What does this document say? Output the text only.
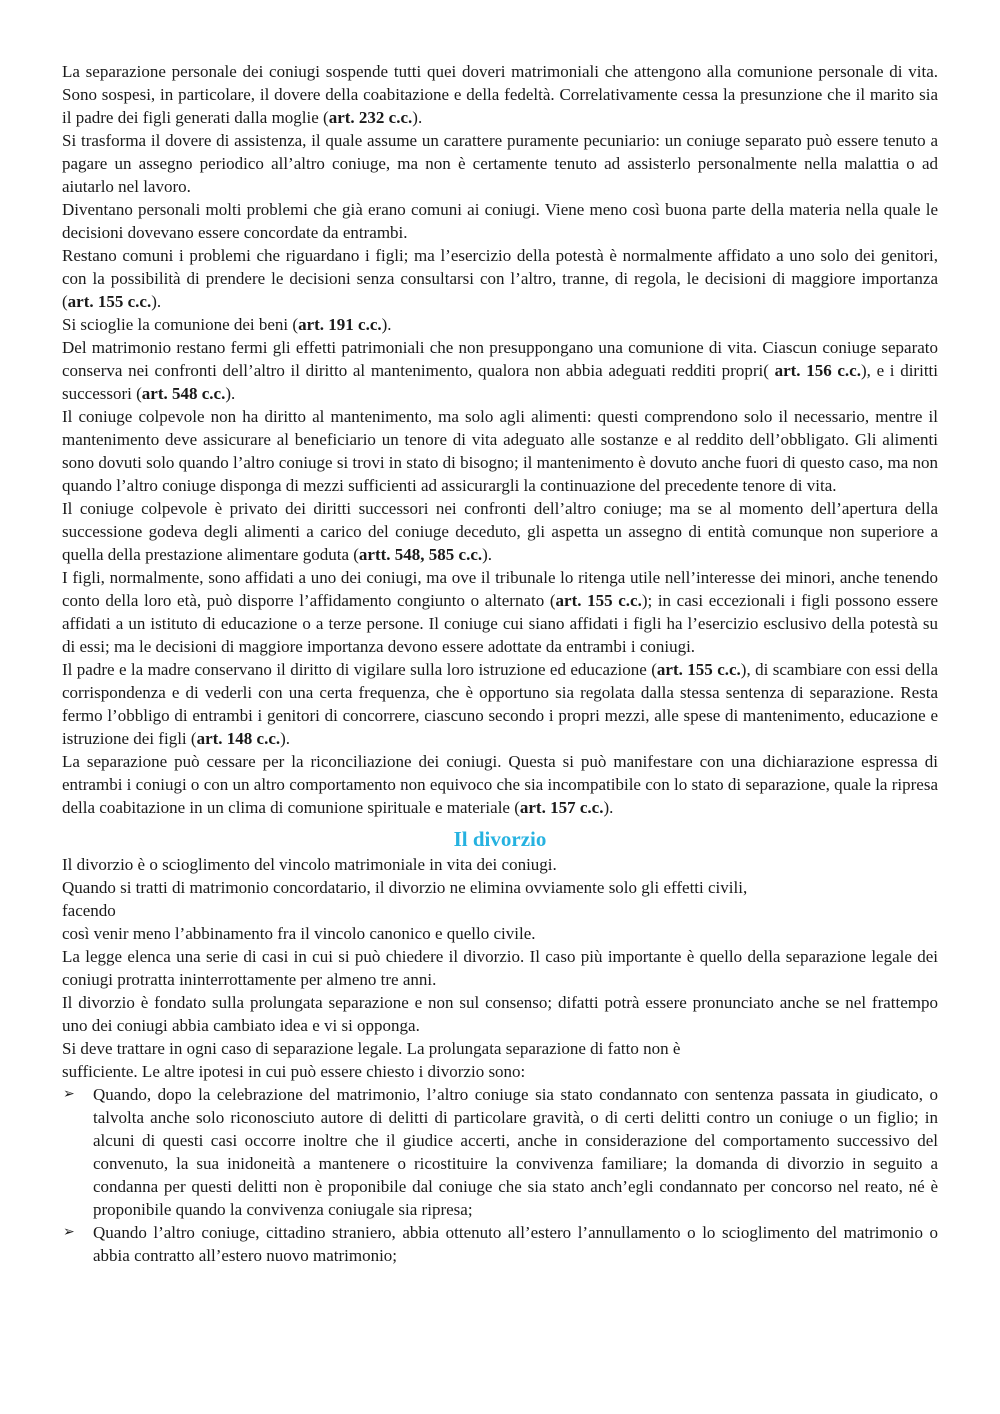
La separazione personale dei coniugi sospende tutti quei doveri matrimoniali che attengono alla comunione personale di vita. Sono sospesi, in particolare, il dovere della coabitazione e della fedeltà. Correlativamente cessa la presunzione che il marito sia il padre dei figli generati dalla moglie (art. 232 c.c.).

Si trasforma il dovere di assistenza, il quale assume un carattere puramente pecuniario: un coniuge separato può essere tenuto a pagare un assegno periodico all’altro coniuge, ma non è certamente tenuto ad assisterlo personalmente nella malattia o ad aiutarlo nel lavoro.

Diventano personali molti problemi che già erano comuni ai coniugi. Viene meno così buona parte della materia nella quale le decisioni dovevano essere concordate da entrambi.

Restano comuni i problemi che riguardano i figli; ma l’esercizio della potestà è normalmente affidato a uno solo dei genitori, con la possibilità di prendere le decisioni senza consultarsi con l’altro, tranne, di regola, le decisioni di maggiore importanza (art. 155 c.c.).

Si scioglie la comunione dei beni (art. 191 c.c.).

Del matrimonio restano fermi gli effetti patrimoniali che non presuppongano una comunione di vita. Ciascun coniuge separato conserva nei confronti dell’altro il diritto al mantenimento, qualora non abbia adeguati redditi propri( art. 156 c.c.), e i diritti successori (art. 548 c.c.).

Il coniuge colpevole non ha diritto al mantenimento, ma solo agli alimenti: questi comprendono solo il necessario, mentre il mantenimento deve assicurare al beneficiario un tenore di vita adeguato alle sostanze e al reddito dell’obbligato. Gli alimenti sono dovuti solo quando l’altro coniuge si trovi in stato di bisogno; il mantenimento è dovuto anche fuori di questo caso, ma non quando l’altro coniuge disponga di mezzi sufficienti ad assicurargli la continuazione del precedente tenore di vita.

Il coniuge colpevole è privato dei diritti successori nei confronti dell’altro coniuge; ma se al momento dell’apertura della successione godeva degli alimenti a carico del coniuge deceduto, gli aspetta un assegno di entità comunque non superiore a quella della prestazione alimentare goduta (artt. 548, 585 c.c.).

I figli, normalmente, sono affidati a uno dei coniugi, ma ove il tribunale lo ritenga utile nell’interesse dei minori, anche tenendo conto della loro età, può disporre l’affidamento congiunto o alternato (art. 155 c.c.); in casi eccezionali i figli possono essere affidati a un istituto di educazione o a terze persone. Il coniuge cui siano affidati i figli ha l’esercizio esclusivo della potestà su di essi; ma le decisioni di maggiore importanza devono essere adottate da entrambi i coniugi.

Il padre e la madre conservano il diritto di vigilare sulla loro istruzione ed educazione (art. 155 c.c.), di scambiare con essi della corrispondenza e di vederli con una certa frequenza, che è opportuno sia regolata dalla stessa sentenza di separazione. Resta fermo l’obbligo di entrambi i genitori di concorrere, ciascuno secondo i propri mezzi, alle spese di mantenimento, educazione e istruzione dei figli (art. 148 c.c.).

La separazione può cessare per la riconciliazione dei coniugi. Questa si può manifestare con una dichiarazione espressa di entrambi i coniugi o con un altro comportamento non equivoco che sia incompatibile con lo stato di separazione, quale la ripresa della coabitazione in un clima di comunione spirituale e materiale (art. 157 c.c.).

Il divorzio

Il divorzio è o scioglimento del vincolo matrimoniale in vita dei coniugi.

Quando si tratti di matrimonio concordatario, il divorzio ne elimina ovviamente solo gli effetti civili,

facendo

così venir meno l’abbinamento fra il vincolo canonico e quello civile.

La legge elenca una serie di casi in cui si può chiedere il divorzio. Il caso più importante è quello della separazione legale dei coniugi protratta ininterrottamente per almeno tre anni.

Il divorzio è fondato sulla prolungata separazione e non sul consenso; difatti potrà essere pronunciato anche se nel frattempo uno dei coniugi abbia cambiato idea e vi si opponga.

Si deve trattare in ogni caso di separazione legale. La prolungata separazione di fatto non è

sufficiente. Le altre ipotesi in cui può essere chiesto i divorzio sono:

➢ Quando, dopo la celebrazione del matrimonio, l’altro coniuge sia stato condannato con sentenza passata in giudicato, o talvolta anche solo riconosciuto autore di delitti di particolare gravità, o di certi delitti contro un coniuge o un figlio; in alcuni di questi casi occorre inoltre che il giudice accerti, anche in considerazione del comportamento successivo del convenuto, la sua inidoneità a mantenere o ricostituire la convivenza familiare; la domanda di divorzio in seguito a condanna per questi delitti non è proponibile dal coniuge che sia stato anch’egli condannato per concorso nel reato, né è proponibile quando la convivenza coniugale sia ripresa;
➢ Quando l’altro coniuge, cittadino straniero, abbia ottenuto all’estero l’annullamento o lo scioglimento del matrimonio o abbia contratto all’estero nuovo matrimonio;
